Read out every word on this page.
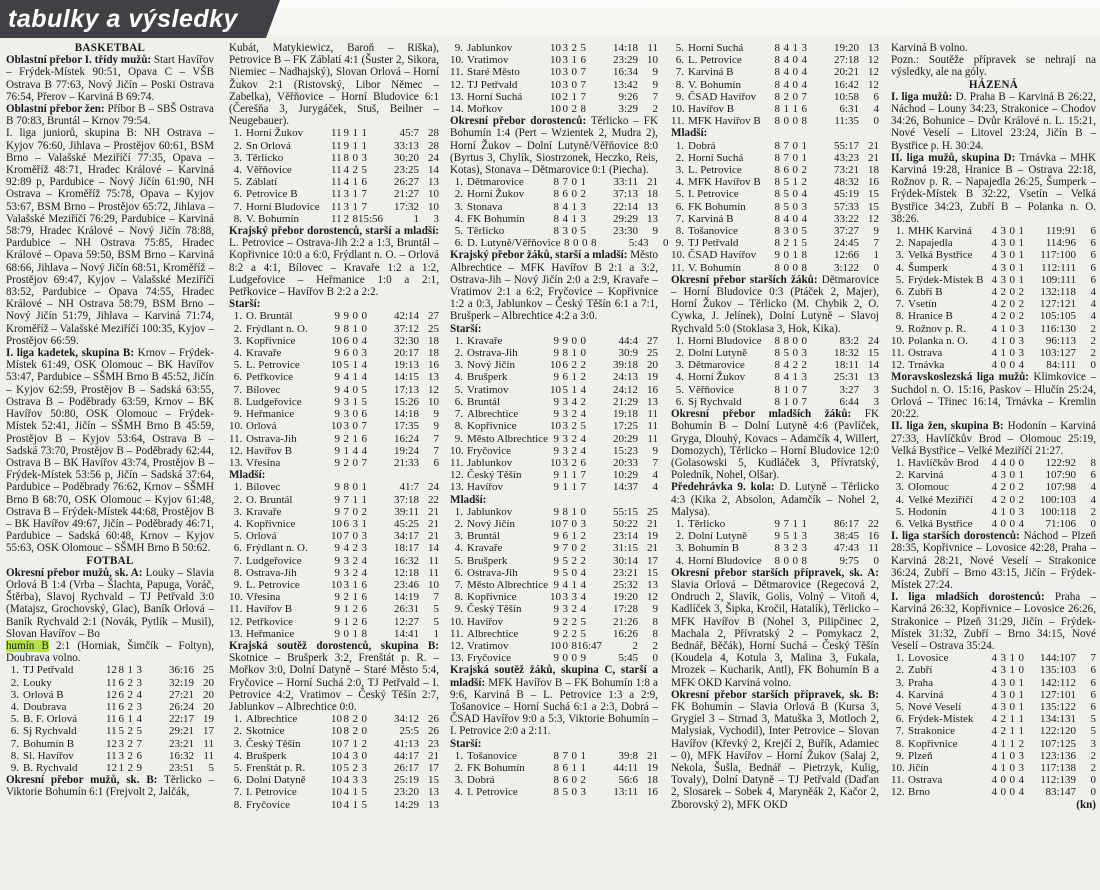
tabulky a výsledky

BASKETBAL

Oblastní přebor I. třídy mužů: Start Havířov – Frýdek-Místek 90:51, Opava C – VŠB Ostrava B 77:63, Nový Jičín – Poski Ostrava 76:54, Přerov – Karviná B 69:74.

Oblastní přebor žen: Příbor B – SBŠ Ostrava B 70:83, Bruntál – Krnov 79:54.

I. liga juniorů, skupina B: NH Ostrava – Kyjov 76:60, Jihlava – Prostějov 60:61, BSM Brno – Valašské Meziříčí 77:35, Opava – Kroměříž 48:71, Hradec Králové – Karviná 92:89 p, Pardubice – Nový Jičín 61:90, NH Ostrava – Kroměříž 75:78, Opava – Kyjov 53:67, BSM Brno – Prostějov 65:72, Jihlava – Valašské Meziříčí 76:29, Pardubice – Karviná 58:79, Hradec Králové – Nový Jičín 78:88, Pardubice – NH Ostrava 75:85, Hradec Králové – Opava 59:50, BSM Brno – Karviná 68:66, Jihlava – Nový Jičín 68:51, Kroměříž – Prostějov 69:47, Kyjov – Valašské Meziříčí 83:52, Pardubice – Opava 74:55, Hradec Králové – NH Ostrava 58:79, BSM Brno – Nový Jičín 51:79, Jihlava – Karviná 71:74, Kroměříž – Valašské Meziříčí 100:35, Kyjov – Prostějov 66:59.

I. liga kadetek, skupina B: Krnov – Frýdek-Místek 61:49, OSK Olomouc – BK Havířov 53:47, Pardubice – SŠMH Brno B 45:52, Jičín – Kyjov 62:59, Prostějov B – Sadská 63:55, Ostrava B – Poděbrady 63:59, Krnov – BK Havířov 50:80, OSK Olomouc – Frýdek-Místek 52:41, Jičín – SŠMH Brno B 45:59, Prostějov B – Kyjov 53:64, Ostrava B – Sadská 73:70, Prostějov B – Poděbrady 62:44, Ostrava B – BK Havířov 43:74, Prostějov B – Frýdek-Místek 53:56 p, Jičín – Sadská 37:64, Pardubice – Poděbrady 76:62, Krnov – SŠMH Brno B 68:70, OSK Olomouc – Kyjov 61:48, Ostrava B – Frýdek-Místek 44:68, Prostějov B – BK Havířov 49:67, Jičín – Poděbrady 46:71, Pardubice – Sadská 60:48, Krnov – Kyjov 55:63, OSK Olomouc – SŠMH Brno B 50:62.

FOTBAL

Okresní přebor mužů, sk. A: Louky – Slavia Orlová B 1:4 (Vrba – Šlachta, Papuga, Voráč, Štěrba), Slavoj Rychvald – TJ Petřvald 3:0 (Matajsz, Grochovský, Glac), Baník Orlová – Baník Rychvald 2:1 (Novák, Pytlík – Musil), Slovan Havířov – Bo

humín B 2:1 (Horniak, Šimčík – Foltyn), Doubrava volno.

1. TJ Petřvald	12 8 1 3	36:16 25
2. Louky	11 6 2 3	32:19 20
3. Orlová B	12 6 2 4	27:21 20
4. Doubrava	11 6 2 3	26:24 20
5. B. F. Orlová	11 6 1 4	22:17 19
6. Sj Rychvald	11 5 2 5	29:21 17
7. Bohumín B	12 3 2 7	23:21 11
8. Sl. Havířov	11 3 2 6	16:32 11
9. B. Rychvald	12 1 2 9	23:51	5

Okresní přebor mužů, sk. B: Těrlicko – Viktorie Bohumín 6:1 (Frejvolt 2, Jalčák,

Kubát, Matykiewicz, Baroň – Riška), Petrovice B – FK Záblatí 4:1 (Šuster 2, Sikora, Niemiec – Nadhajský), Slovan Orlová – Horní Žukov 2:1 (Ristovský, Libor Němec – Zabelka), Věřňovice – Horní Bludovice 6:1 (Čerešňa 3, Jurygáček, Stuš, Beilner – Neugebauer).

1. Horní Žukov	11 9 1 1	45:7 28
2. Sn Orlová	11 9 1 1	33:13 28
3. Těrlicko	11 8 0 3	30:20 24
4. Věřňovice	11 4 2 5	23:25 14
5. Záblatí	11 4 1 6	26:27 13
6. Petrovice B	11 3 1 7	21:27 10
7. Horní Bludovice	11 3 1 7	17:32 10
8. V. Bohumín	11 2 8 15:56	1	3

Krajský přebor dorostenců, starší a mladší: L. Petrovice – Ostrava-Jih 2:2 a 1:3, Bruntál – Kopřivnice 10:0 a 6:0, Frýdlant n. O. – Orlová 8:2 a 4:1, Bílovec – Kravaře 1:2 a 1:2, Ludgeřovice – Heřmanice 1:0 a 2:1, Petřkovice – Havířov B 2:2 a 2:2.

Starší:

1. O. Bruntál	9 9 0 0	42:14 27
2. Frýdlant n. O.	9 8 1 0	37:12 25
3. Kopřivnice	10 6 0 4	32:30 18
4. Kravaře	9 6 0 3	20:17 18
5. L. Petrovice	10 5 1 4	19:13 16
6. Petřkovice	9 4 1 4	14:15 13
7. Bílovec	9 4 0 5	17:13 12
8. Ludgeřovice	9 3 1 5	15:26 10
9. Heřmanice	9 3 0 6	14:18	9
10. Orlová	10 3 0 7	17:35	9
11. Ostrava-Jih	9 2 1 6	16:24	7
12. Havířov B	9 1 4 4	19:24	7
13. Vřesina	9 2 0 7	21:33	6

Mladší:

1. Bílovec	9 8 0 1	41:7 24
2. O. Bruntál	9 7 1 1	37:18 22
3. Kravaře	9 7 0 2	39:11 21
4. Kopřivnice	10 6 3 1	45:25 21
5. Orlová	10 7 0 3	34:17 21
6. Frýdlant n. O.	9 4 2 3	18:17 14
7. Ludgeřovice	9 3 2 4	16:32 11
8. Ostrava-Jih	9 3 2 4	12:18 11
9. L. Petrovice	10 3 1 6	23:46 10
10. Vřesina	9 2 1 6	14:19	7
11. Havířov B	9 1 2 6	26:31	5
12. Petřkovice	9 1 2 6	12:27	5
13. Heřmanice	9 0 1 8	14:41	1

Krajská soutěž dorostenců, skupina B: Skotnice – Brušperk 3:2, Frenštát p. R. – Mořkov 3:0, Dolní Datyně – Staré Město 5:4, Fryčovice – Horní Suchá 2:0, TJ Petřvald – I. Petrovice 4:2, Vratimov – Český Těšín 2:7, Jablunkov – Albrechtice 0:0.

1. Albrechtice	10 8 2 0	34:12 26
2. Skotnice	10 8 2 0	25:5 26
3. Český Těšín	10 7 1 2	41:13 23
4. Brušperk	10 4 3 0	44:17 21
5. Frenštát p. R.	10 5 2 3	26:17 17
6. Dolní Datyně	10 4 3 3	25:19 15
7. I. Petrovice	10 4 1 5	23:20 13
8. Fryčovice	10 4 1 5	14:29 13
9. Jablunkov	10 3 2 5	14:18 11
10. Vratimov	10 3 1 6	23:29 10
11. Staré Město	10 3 0 7	16:34	9
12. TJ Petřvald	10 3 0 7	13:42	9
13. Horní Suchá	10 2 1 7	9:26	7
14. Mořkov	10 0 2 8	3:29	2

Okresní přebor dorostenců: Těrlicko – FK Bohumín 1:4 (Pert – Wzientek 2, Mudra 2), Horní Žukov – Dolní Lutyně/Věřňovice 8:0 (Byrtus 3, Chylík, Siostrzonek, Heczko, Reis, Kotas), Stonava – Dětmarovice 0:1 (Piecha).

1. Dětmarovice	8 7 0 1	33:11 21
2. Horní Žukov	8 6 0 2	37:13 18
3. Stonava	8 4 1 3	22:14 13
4. FK Bohumín	8 4 1 3	29:29 13
5. Těrlicko	8 3 0 5	23:30	9
6. D. Lutyně/Věřňovice 8 0 0 8	5:43	0

Krajský přebor žáků, starší a mladší: Město Albrechtice – MFK Havířov B 2:1 a 3:2, Ostrava-Jih – Nový Jičín 2:0 a 2:9, Kravaře – Vratimov 2:1 a 6:2, Fryčovice – Kopřivnice 1:2 a 0:3, Jablunkov – Český Těšín 6:1 a 7:1, Brušperk – Albrechtice 4:2 a 3:0.

Starší:

1. Kravaře	9 9 0 0	44:4 27
2. Ostrava-Jih	9 8 1 0	30:9 25
3. Nový Jičín	10 6 2 2	39:18 20
4. Brušperk	9 6 1 2	24:13 19
5. Vratimov	10 5 1 4	24:12 16
6. Bruntál	9 3 4 2	21:29 13
7. Albrechtice	9 3 2 4	19:18 11
8. Kopřivnice	10 3 2 5	17:25 11
9. Město Albrechtice 9 3 2 4	20:29 11
10. Fryčovice	9 3 2 4	15:23	9
11. Jablunkov	10 3 2 6	20:33	7
12. Český Těšín	9 1 1 7	10:29	4
13. Havířov	9 1 1 7	14:37	4

Mladší:

1. Jablunkov	9 8 1 0	55:15 25
2. Nový Jičín	10 7 0 3	50:22 21
3. Bruntál	9 6 1 2	23:14 19
4. Kravaře	9 7 0 2	31:15 21
5. Brušperk	9 5 2 2	30:14 17
6. Ostrava-Jih	9 5 0 4	23:21 15
7. Město Albrechtice 9 4 1 4	25:32 13
8. Kopřivnice	10 3 3 4	19:20 12
9. Český Těšín	9 3 2 4	17:28	9
10. Havířov	9 2 2 5	21:26	8
11. Albrechtice	9 2 2 5	16:26	8
12. Vratimov	10 0 8 16:47	2	2
13. Fryčovice	9 0 0 9	5:45	0

Krajská soutěž žáků, skupina C, starší a mladší: MFK Havířov B – FK Bohumín 1:8 a 9:6, Karviná B – L. Petrovice 1:3 a 2:9, Tošanovice – Horní Suchá 6:1 a 2:3, Dobrá – ČSAD Havířov 9:0 a 5:3, Viktorie Bohumín – I. Petrovice 2:0 a 2:11.

Starší:

1. Tošanovice	8 7 0 1	39:8 21
2. FK Bohumín	8 6 1 1	44:11 19
3. Dobrá	8 6 0 2	56:6 18
4. I. Petrovice	8 5 0 3	13:11 16
5. Horní Suchá	8 4 1 3	19:20 13
6. L. Petrovice	8 4 0 4	27:18 12
7. Karviná B	8 4 0 4	20:21 12
8. V. Bohumín	8 4 0 4	16:42 12
9. ČSAD Havířov	8 2 0 7	10:58	6
10. Havířov B	8 1 1 6	6:31	4
11. MFK Havířov B	8 0 0 8	11:35	0

Mladší:

1. Dobrá	8 7 0 1	55:17 21
2. Horní Suchá	8 7 0 1	43:23 21
3. L. Petrovice	8 6 0 2	73:21 18
4. MFK Havířov B	8 5 1 2	48:32 16
5. I. Petrovice	8 5 0 4	45:19 15
6. FK Bohumín	8 5 0 3	57:33 15
7. Karviná B	8 4 0 4	33:22 12
8. Tošanovice	8 3 0 5	37:27	9
9. TJ Petřvald	8 2 1 5	24:45	7
10. ČSAD Havířov	9 0 1 8	12:66	1
11. V. Bohumín	8 0 0 8	3:122	0

Okresní přebor starších žáků: Dětmarovice – Horní Bludovice 0:3 (Ptáček 2, Majer), Horní Žukov – Těrlicko (M. Chybik 2, O. Cywka, J. Jelínek), Dolní Lutyně – Slavoj Rychvald 5:0 (Stoklasa 3, Hok, Kika).

1. Horní Bludovice	8 8 0 0	83:2 24
2. Dolní Lutyně	8 5 0 3	18:32 15
3. Dětmarovice	8 4 2 2	18:11 14
4. Horní Žukov	8 4 1 3	25:31 13
5. Věřňovice	8 1 0 7	3:27	3
6. Sj Rychvald	8 1 0 7	6:44	3

Okresní přebor mladších žáků: FK Bohumín B – Dolní Lutyně 4:6 (Pavlíček, Gryga, Dlouhý, Kovacs – Adamčík 4, Willert, Domozych), Těrlicko – Horní Bludovice 12:0 (Golasowski 5, Kudláček 3, Přívratský, Poledník, Nohel, Olšar).

Předehrávka 9. kola: D. Lutyně – Těrlicko 4:3 (Kika 2, Absolon, Adamčík – Nohel 2, Malysa).

1. Těrlicko	9 7 1 1	86:17 22
2. Dolní Lutyně	9 5 1 3	38:45 16
3. Bohumín B	8 3 2 3	47:43 11
4. Horní Bludovice	8 0 0 8	9:75	0

Okresní přebor starších přípravek, sk. A: Slavia Orlová – Dětmarovice (Regecová 2, Ondruch 2, Slavík, Golis, Volný – Vitoň 4, Kadlíček 3, Šipka, Kročil, Hatalík), Těrlicko – MFK Havířov B (Nohel 3, Pilipčinec 2, Machala 2, Přívratský 2 – Pomykacz 2, Bednář, Běčák), Horní Suchá – Český Těšín (Koudela 4, Kotula 3, Malina 3, Fukala, Mrozek – Kucharik, Antl), FK Bohumín B a MFK OKD Karviná volno.

Okresní přebor starších přípravek, sk. B: FK Bohumín – Slavia Orlová B (Kursa 3, Grygiel 3 – Strnad 3, Matuška 3, Motloch 2, Malysiak, Vychodil), Inter Petrovice – Slovan Havířov (Křevký 2, Krejčí 2, Buřík, Adamiec – 0), MFK Havířov – Horní Žukov (Salaj 2, Nekola, Šušla, Bednář – Pietrzyk, Kulig, Tovaly), Dolní Datyně – TJ Petřvald (Daďan 2, Slosarek – Sobek 4, Maryněák 2, Kačor 2, Zborovský 2), MFK OKD

Karviná B volno.

Pozn.: Soutěže přípravek se nehrají na výsledky, ale na góly.

HÁZENÁ

I. liga mužů: D. Praha B – Karviná B 26:22, Náchod – Louny 34:23, Strakonice – Chodov 34:26, Bohunice – Dvůr Králové n. L. 15:21, Nové Veselí – Litovel 23:24, Jičín B – Bystřice p. H. 30:24.

II. liga mužů, skupina D: Trnávka – MHK Karviná 19:28, Hranice B – Ostrava 22:18, Rožnov p. R. – Napajedla 26:25, Šumperk – Frýdek-Místek B 32:22, Vsetín – Velká Bystřice 34:23, Zubří B – Polanka n. O. 38:26.

1. MHK Karviná	4 3 0 1	119:91	6
2. Napajedla	4 3 0 1	114:96	6
3. Velká Bystřice	4 3 0 1	117:100	6
4. Šumperk	4 3 0 1	112:111	6
5. Frýdek-Místek B 4 3 0 1	109:111	6
6. Zubří B	4 2 0 2	132:118	4
7. Vsetín	4 2 0 2	127:121	4
8. Hranice B	4 2 0 2	105:105	4
9. Rožnov p. R.	4 1 0 3	116:130	2
10. Polanka n. O.	4 1 0 3	96:113	2
11. Ostrava	4 1 0 3	103:127	2
12. Trnávka	4 0 0 4	84:111	0

Moravskoslezská liga mužů: Klimkovice – Suchdol n. O. 15:16, Paskov – Hlučín 25:24, Orlová – Třinec 16:14, Trnávka – Kremlin 20:22.

II. liga žen, skupina B: Hodonín – Karviná 27:33, Havlíčkův Brod – Olomouc 25:19, Velká Bystřice – Velké Meziříčí 21:27.

1. Havlíčkův Brod	4 4 0 0	122:92	8
2. Karviná	4 3 0 1	107:90	6
3. Olomouc	4 2 0 2	107:98	4
4. Velké Meziříčí	4 2 0 2	100:103	4
5. Hodonín	4 1 0 3	100:118	2
6. Velká Bystřice	4 0 0 4	71:106	0

I. liga starších dorostenců: Náchod – Plzeň 28:35, Kopřivnice – Lovosice 42:28, Praha – Karviná 28:21, Nové Veselí – Strakonice 36:24, Zubří – Brno 43:15, Jičín – Frýdek-Místek 27:24.

I. liga mladších dorostenců: Praha – Karviná 26:32, Kopřivnice – Lovosice 26:26, Strakonice – Plzeň 31:29, Jičín – Frýdek-Místek 31:32, Zubří – Brno 34:15, Nové Veselí – Ostrava 35:24.

1. Lovosice	4 3 1 0	144:107	7
2. Zubří	4 3 1 0	135:103	6
3. Praha	4 3 0 1	142:112	6
4. Karviná	4 3 0 1	127:101	6
5. Nové Veselí	4 3 0 1	135:122	6
6. Frýdek-Místek	4 2 1 1	134:131	5
7. Strakonice	4 2 1 1	122:120	5
8. Kopřivnice	4 1 1 2	107:125	3
9. Plzeň	4 1 0 3	123:136	2
10. Jičín	4 1 0 3	117:138	2
11. Ostrava	4 0 0 4	112:139	0
12. Brno	4 0 0 4	83:147	0

(kn)
